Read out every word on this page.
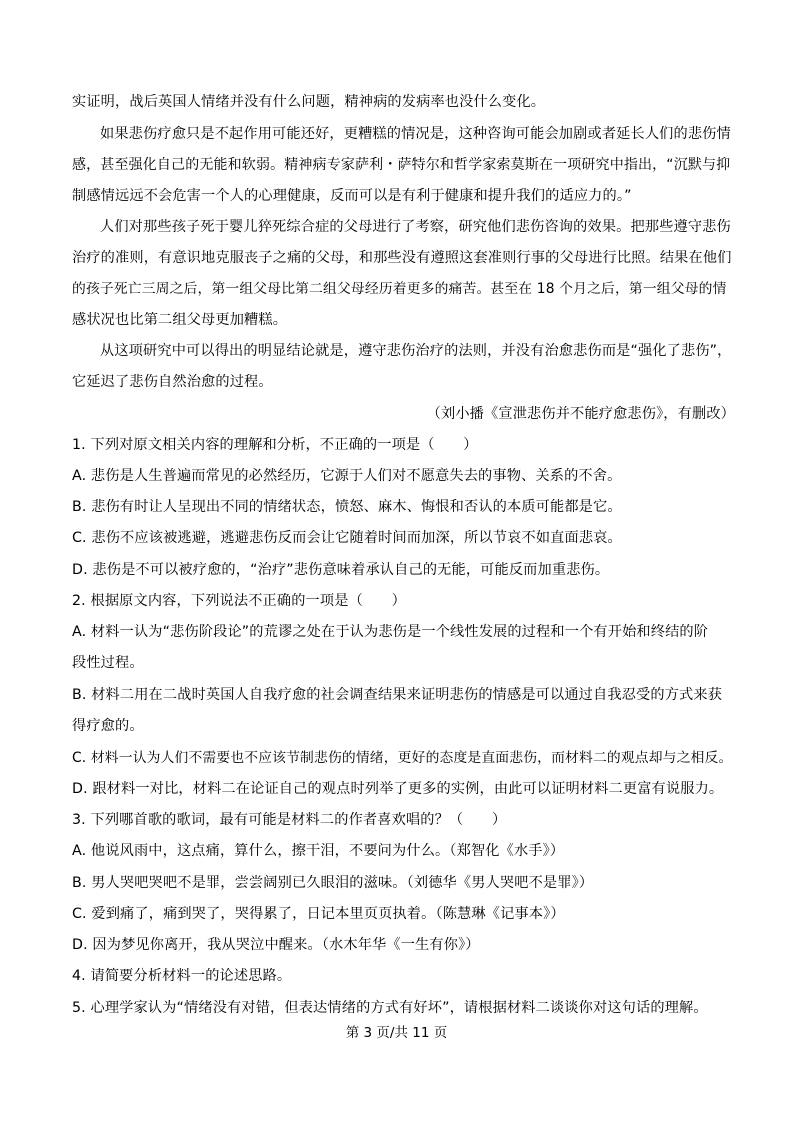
实证明，战后英国人情绪并没有什么问题，精神病的发病率也没什么变化。
如果悲伤疗愈只是不起作用可能还好，更糟糕的情况是，这种咨询可能会加剧或者延长人们的悲伤情
感，甚至强化自己的无能和软弱。精神病专家萨利・萨特尔和哲学家索莫斯在一项研究中指出，“沉默与抑
制感情远远不会危害一个人的心理健康，反而可以是有利于健康和提升我们的适应力的。”
人们对那些孩子死于婴儿猝死综合症的父母进行了考察，研究他们悲伤咨询的效果。把那些遵守悲伤
治疗的准则，有意识地克服丧子之痛的父母，和那些没有遵照这套准则行事的父母进行比照。结果在他们
的孩子死亡三周之后，第一组父母比第二组父母经历着更多的痛苦。甚至在 18 个月之后，第一组父母的情
感状况也比第二组父母更加糟糕。
从这项研究中可以得出的明显结论就是，遵守悲伤治疗的法则，并没有治愈悲伤而是“强化了悲伤”，
它延迟了悲伤自然治愈的过程。
（刘小播《宣泄悲伤并不能疗愈悲伤》，有删改）
1. 下列对原文相关内容的理解和分析，不正确的一项是（　　）
A. 悲伤是人生普遍而常见的必然经历，它源于人们对不愿意失去的事物、关系的不舍。
B. 悲伤有时让人呈现出不同的情绪状态，愤怒、麻木、悔恨和否认的本质可能都是它。
C. 悲伤不应该被逃避，逃避悲伤反而会让它随着时间而加深，所以节哀不如直面悲哀。
D. 悲伤是不可以被疗愈的，“治疗”悲伤意味着承认自己的无能，可能反而加重悲伤。
2. 根据原文内容，下列说法不正确的一项是（　　）
A. 材料一认为“悲伤阶段论”的荒谬之处在于认为悲伤是一个线性发展的过程和一个有开始和终结的阶
段性过程。
B. 材料二用在二战时英国人自我疗愈的社会调查结果来证明悲伤的情感是可以通过自我忍受的方式来获
得疗愈的。
C. 材料一认为人们不需要也不应该节制悲伤的情绪，更好的态度是直面悲伤，而材料二的观点却与之相反。
D. 跟材料一对比，材料二在论证自己的观点时列举了更多的实例，由此可以证明材料二更富有说服力。
3. 下列哪首歌的歌词，最有可能是材料二的作者喜欢唱的？（　　）
A. 他说风雨中，这点痛，算什么，擦干泪，不要问为什么。（郑智化《水手》）
B. 男人哭吧哭吧不是罪，尝尝阔别已久眼泪的滋味。（刘德华《男人哭吧不是罪》）
C. 爱到痛了，痛到哭了，哭得累了，日记本里页页执着。（陈慧琳《记事本》）
D. 因为梦见你离开，我从哭泣中醒来。（水木年华《一生有你》）
4. 请简要分析材料一的论述思路。
5. 心理学家认为“情绪没有对错，但表达情绪的方式有好坏”，请根据材料二谈谈你对这句话的理解。
第 3 页/共 11 页
